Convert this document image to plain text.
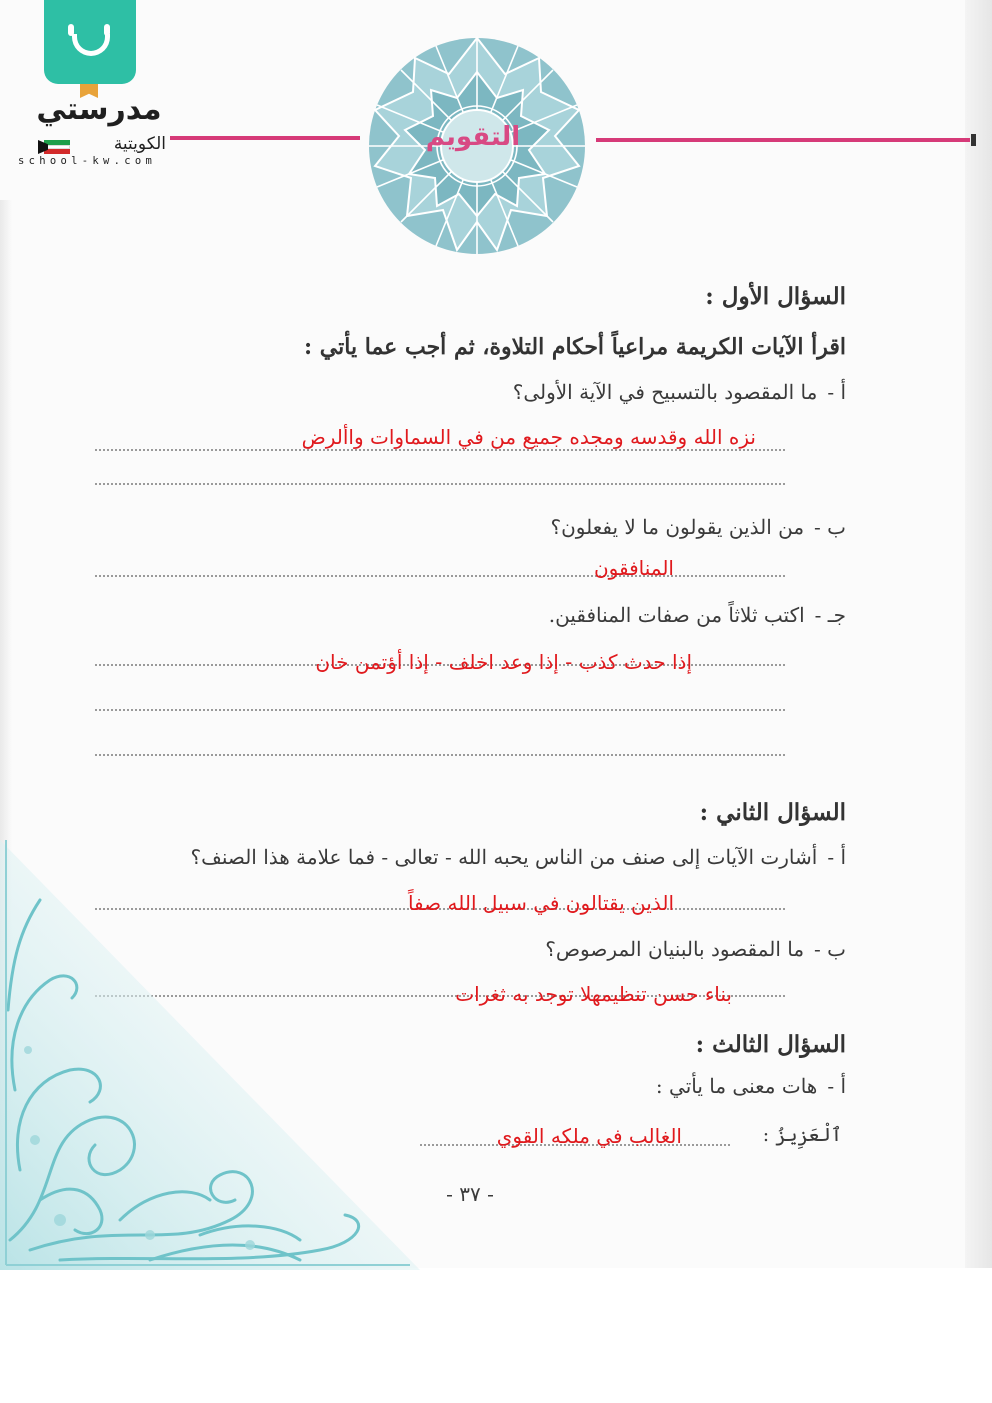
مدرستي
الكويتية
school-kw.com
التقويم
السؤال الأول :
اقرأ الآيات الكريمة مراعياً أحكام التلاوة، ثم أجب عما يأتي :
أ -
ما المقصود بالتسبيح في الآية الأولى؟
نزه الله وقدسه ومجده جميع من في السماوات واألرض
ب -
من الذين يقولون ما لا يفعلون؟
المنافقون
جـ -
اكتب ثلاثاً من صفات المنافقين.
إذا حدث كذب - إذا وعد اخلف - إذا أؤتمن خان
السؤال الثاني :
أ -
أشارت الآيات إلى صنف من الناس يحبه الله - تعالى - فما علامة هذا الصنف؟
الذين يقتالون في سبيل الله صفاً
ب -
ما المقصود بالبنيان المرصوص؟
بناء حسن تنظيمهلا توجد به ثغرات
السؤال الثالث :
أ -
هات معنى ما يأتي :
ٱلْعَزِيزُ :
الغالب في ملكه القوي
- ٣٧ -
